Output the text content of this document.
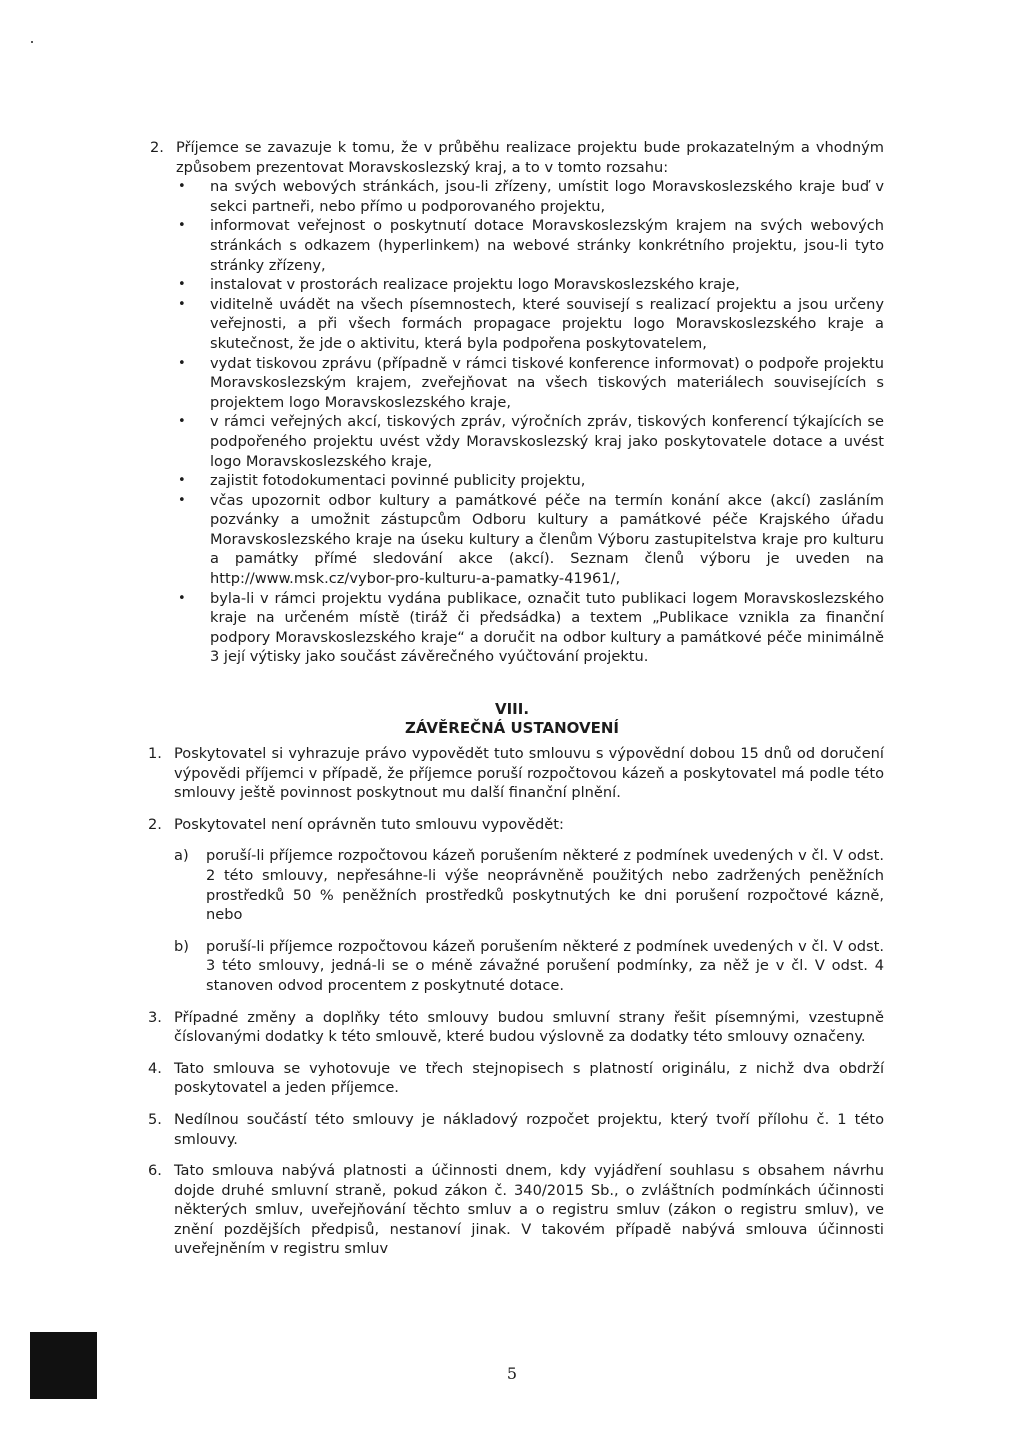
2. Příjemce se zavazuje k tomu, že v průběhu realizace projektu bude prokazatelným a vhodným způsobem prezentovat Moravskoslezský kraj, a to v tomto rozsahu:
• na svých webových stránkách, jsou-li zřízeny, umístit logo Moravskoslezského kraje buď v sekci partneři, nebo přímo u podporovaného projektu,
• informovat veřejnost o poskytnutí dotace Moravskoslezským krajem na svých webových stránkách s odkazem (hyperlinkem) na webové stránky konkrétního projektu, jsou-li tyto stránky zřízeny,
• instalovat v prostorách realizace projektu logo Moravskoslezského kraje,
• viditelně uvádět na všech písemnostech, které souvisejí s realizací projektu a jsou určeny veřejnosti, a při všech formách propagace projektu logo Moravskoslezského kraje a skutečnost, že jde o aktivitu, která byla podpořena poskytovatelem,
• vydat tiskovou zprávu (případně v rámci tiskové konference informovat) o podpoře projektu Moravskoslezským krajem, zveřejňovat na všech tiskových materiálech souvisejících s projektem logo Moravskoslezského kraje,
• v rámci veřejných akcí, tiskových zpráv, výročních zpráv, tiskových konferencí týkajících se podpořeného projektu uvést vždy Moravskoslezský kraj jako poskytovatele dotace a uvést logo Moravskoslezského kraje,
• zajistit fotodokumentaci povinné publicity projektu,
• včas upozornit odbor kultury a památkové péče na termín konání akce (akcí) zasláním pozvánky a umožnit zástupcům Odboru kultury a památkové péče Krajského úřadu Moravskoslezského kraje na úseku kultury a členům Výboru zastupitelstva kraje pro kulturu a památky přímé sledování akce (akcí). Seznam členů výboru je uveden na http://www.msk.cz/vybor-pro-kulturu-a-pamatky-41961/,
• byla-li v rámci projektu vydána publikace, označit tuto publikaci logem Moravskoslezského kraje na určeném místě (tiráž či předsádka) a textem „Publikace vznikla za finanční podpory Moravskoslezského kraje“ a doručit na odbor kultury a památkové péče minimálně 3 její výtisky jako součást závěrečného vyúčtování projektu.
VIII.
ZÁVĚREČNÁ USTANOVENÍ
1. Poskytovatel si vyhrazuje právo vypovědět tuto smlouvu s výpovědní dobou 15 dnů od doručení výpovědi příjemci v případě, že příjemce poruší rozpočtovou kázeň a poskytovatel má podle této smlouvy ještě povinnost poskytnout mu další finanční plnění.
2. Poskytovatel není oprávněn tuto smlouvu vypovědět:
a) poruší-li příjemce rozpočtovou kázeň porušením některé z podmínek uvedených v čl. V odst. 2 této smlouvy, nepřesáhne-li výše neoprávněně použitých nebo zadržených peněžních prostředků 50 % peněžních prostředků poskytnutých ke dni porušení rozpočtové kázně, nebo
b) poruší-li příjemce rozpočtovou kázeň porušením některé z podmínek uvedených v čl. V odst. 3 této smlouvy, jedná-li se o méně závažné porušení podmínky, za něž je v čl. V odst. 4 stanoven odvod procentem z poskytnuté dotace.
3. Případné změny a doplňky této smlouvy budou smluvní strany řešit písemnými, vzestupně číslovanými dodatky k této smlouvě, které budou výslovně za dodatky této smlouvy označeny.
4. Tato smlouva se vyhotovuje ve třech stejnopisech s platností originálu, z nichž dva obdrží poskytovatel a jeden příjemce.
5. Nedílnou součástí této smlouvy je nákladový rozpočet projektu, který tvoří přílohu č. 1 této smlouvy.
6. Tato smlouva nabývá platnosti a účinnosti dnem, kdy vyjádření souhlasu s obsahem návrhu dojde druhé smluvní straně, pokud zákon č. 340/2015 Sb., o zvláštních podmínkách účinnosti některých smluv, uveřejňování těchto smluv a o registru smluv (zákon o registru smluv), ve znění pozdějších předpisů, nestanoví jinak. V takovém případě nabývá smlouva účinnosti uveřejněním v registru smluv
5
